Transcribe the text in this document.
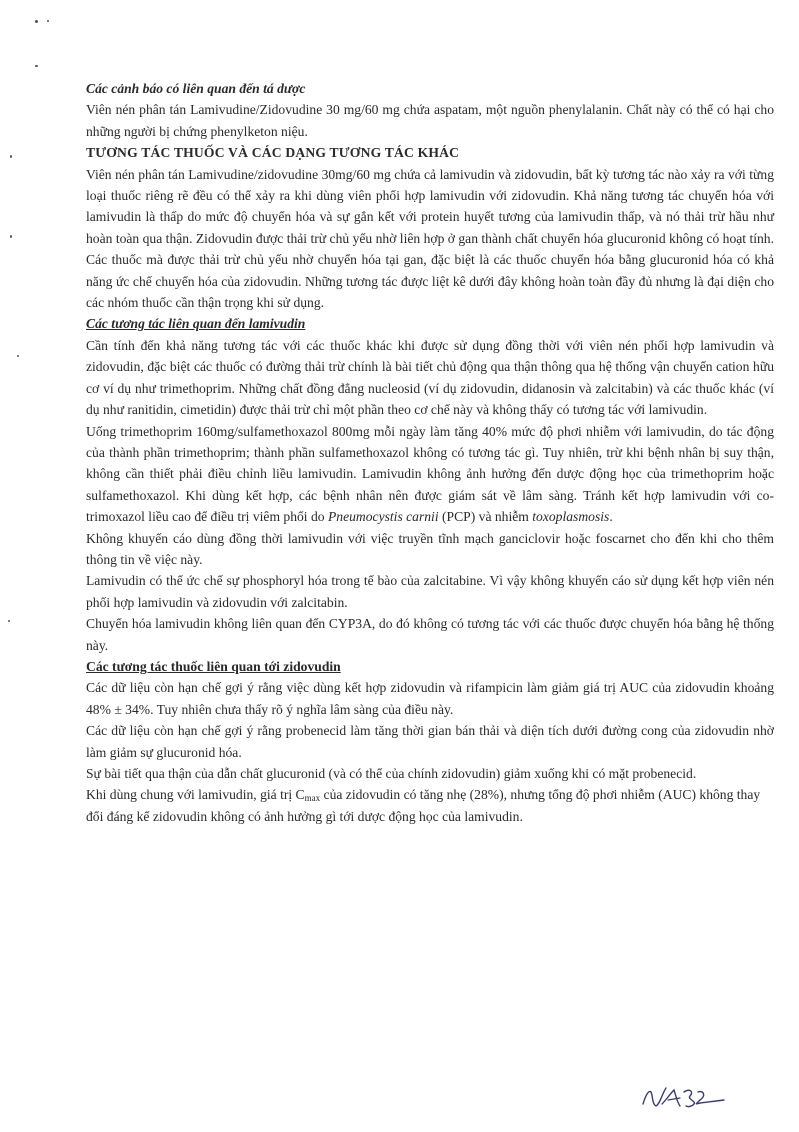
Các cảnh báo có liên quan đến tá dược

Viên nén phân tán Lamivudine/Zidovudine 30 mg/60 mg chứa aspatam, một nguồn phenylalanin. Chất này có thể có hại cho những người bị chứng phenylketon niệu.

TƯƠNG TÁC THUỐC VÀ CÁC DẠNG TƯƠNG TÁC KHÁC

Viên nén phân tán Lamivudine/zidovudine 30mg/60 mg chứa cả lamivudin và zidovudin, bất kỳ tương tác nào xảy ra với từng loại thuốc riêng rẽ đều có thể xảy ra khi dùng viên phối hợp lamivudin với zidovudin. Khả năng tương tác chuyển hóa với lamivudin là thấp do mức độ chuyển hóa và sự gắn kết với protein huyết tương của lamivudin thấp, và nó thải trừ hầu như hoàn toàn qua thận. Zidovudin được thải trừ chủ yếu nhờ liên hợp ở gan thành chất chuyển hóa glucuronid không có hoạt tính. Các thuốc mà được thải trừ chủ yếu nhờ chuyển hóa tại gan, đặc biệt là các thuốc chuyển hóa bằng glucuronid hóa có khả năng ức chế chuyển hóa của zidovudin. Những tương tác được liệt kê dưới đây không hoàn toàn đầy đủ nhưng là đại diện cho các nhóm thuốc cần thận trọng khi sử dụng.

Các tương tác liên quan đến lamivudin

Cần tính đến khả năng tương tác với các thuốc khác khi được sử dụng đồng thời với viên nén phối hợp lamivudin và zidovudin, đặc biệt các thuốc có đường thải trừ chính là bài tiết chủ động qua thận thông qua hệ thống vận chuyển cation hữu cơ ví dụ như trimethoprim. Những chất đồng đẳng nucleosid (ví dụ zidovudin, didanosin và zalcitabin) và các thuốc khác (ví dụ như ranitidin, cimetidin) được thải trừ chỉ một phần theo cơ chế này và không thấy có tương tác với lamivudin.

Uống trimethoprim 160mg/sulfamethoxazol 800mg mỗi ngày làm tăng 40% mức độ phơi nhiễm với lamivudin, do tác động của thành phần trimethoprim; thành phần sulfamethoxazol không có tương tác gì. Tuy nhiên, trừ khi bệnh nhân bị suy thận, không cần thiết phải điều chỉnh liều lamivudin. Lamivudin không ảnh hưởng đến dược động học của trimethoprim hoặc sulfamethoxazol. Khi dùng kết hợp, các bệnh nhân nên được giám sát về lâm sàng. Tránh kết hợp lamivudin với co-trimoxazol liều cao để điều trị viêm phổi do Pneumocystis carnii (PCP) và nhiễm toxoplasmosis.

Không khuyến cáo dùng đồng thời lamivudin với việc truyền tĩnh mạch ganciclovir hoặc foscarnet cho đến khi cho thêm thông tin về việc này.

Lamivudin có thể ức chế sự phosphoryl hóa trong tế bào của zalcitabine. Vì vậy không khuyến cáo sử dụng kết hợp viên nén phối hợp lamivudin và zidovudin với zalcitabin.

Chuyển hóa lamivudin không liên quan đến CYP3A, do đó không có tương tác với các thuốc được chuyển hóa bằng hệ thống này.

Các tương tác thuốc liên quan tới zidovudin

Các dữ liệu còn hạn chế gợi ý rằng việc dùng kết hợp zidovudin và rifampicin làm giảm giá trị AUC của zidovudin khoảng 48% ± 34%. Tuy nhiên chưa thấy rõ ý nghĩa lâm sàng của điều này.

Các dữ liệu còn hạn chế gợi ý rằng probenecid làm tăng thời gian bán thải và diện tích dưới đường cong của zidovudin nhờ làm giảm sự glucuronid hóa.

Sự bài tiết qua thận của dẫn chất glucuronid (và có thể của chính zidovudin) giảm xuống khi có mặt probenecid.

Khi dùng chung với lamivudin, giá trị $C_{max}$ của zidovudin có tăng nhẹ (28%), nhưng tổng độ phơi nhiễm (AUC) không thay đổi đáng kể zidovudin không có ảnh hưởng gì tới dược động học của lamivudin.
